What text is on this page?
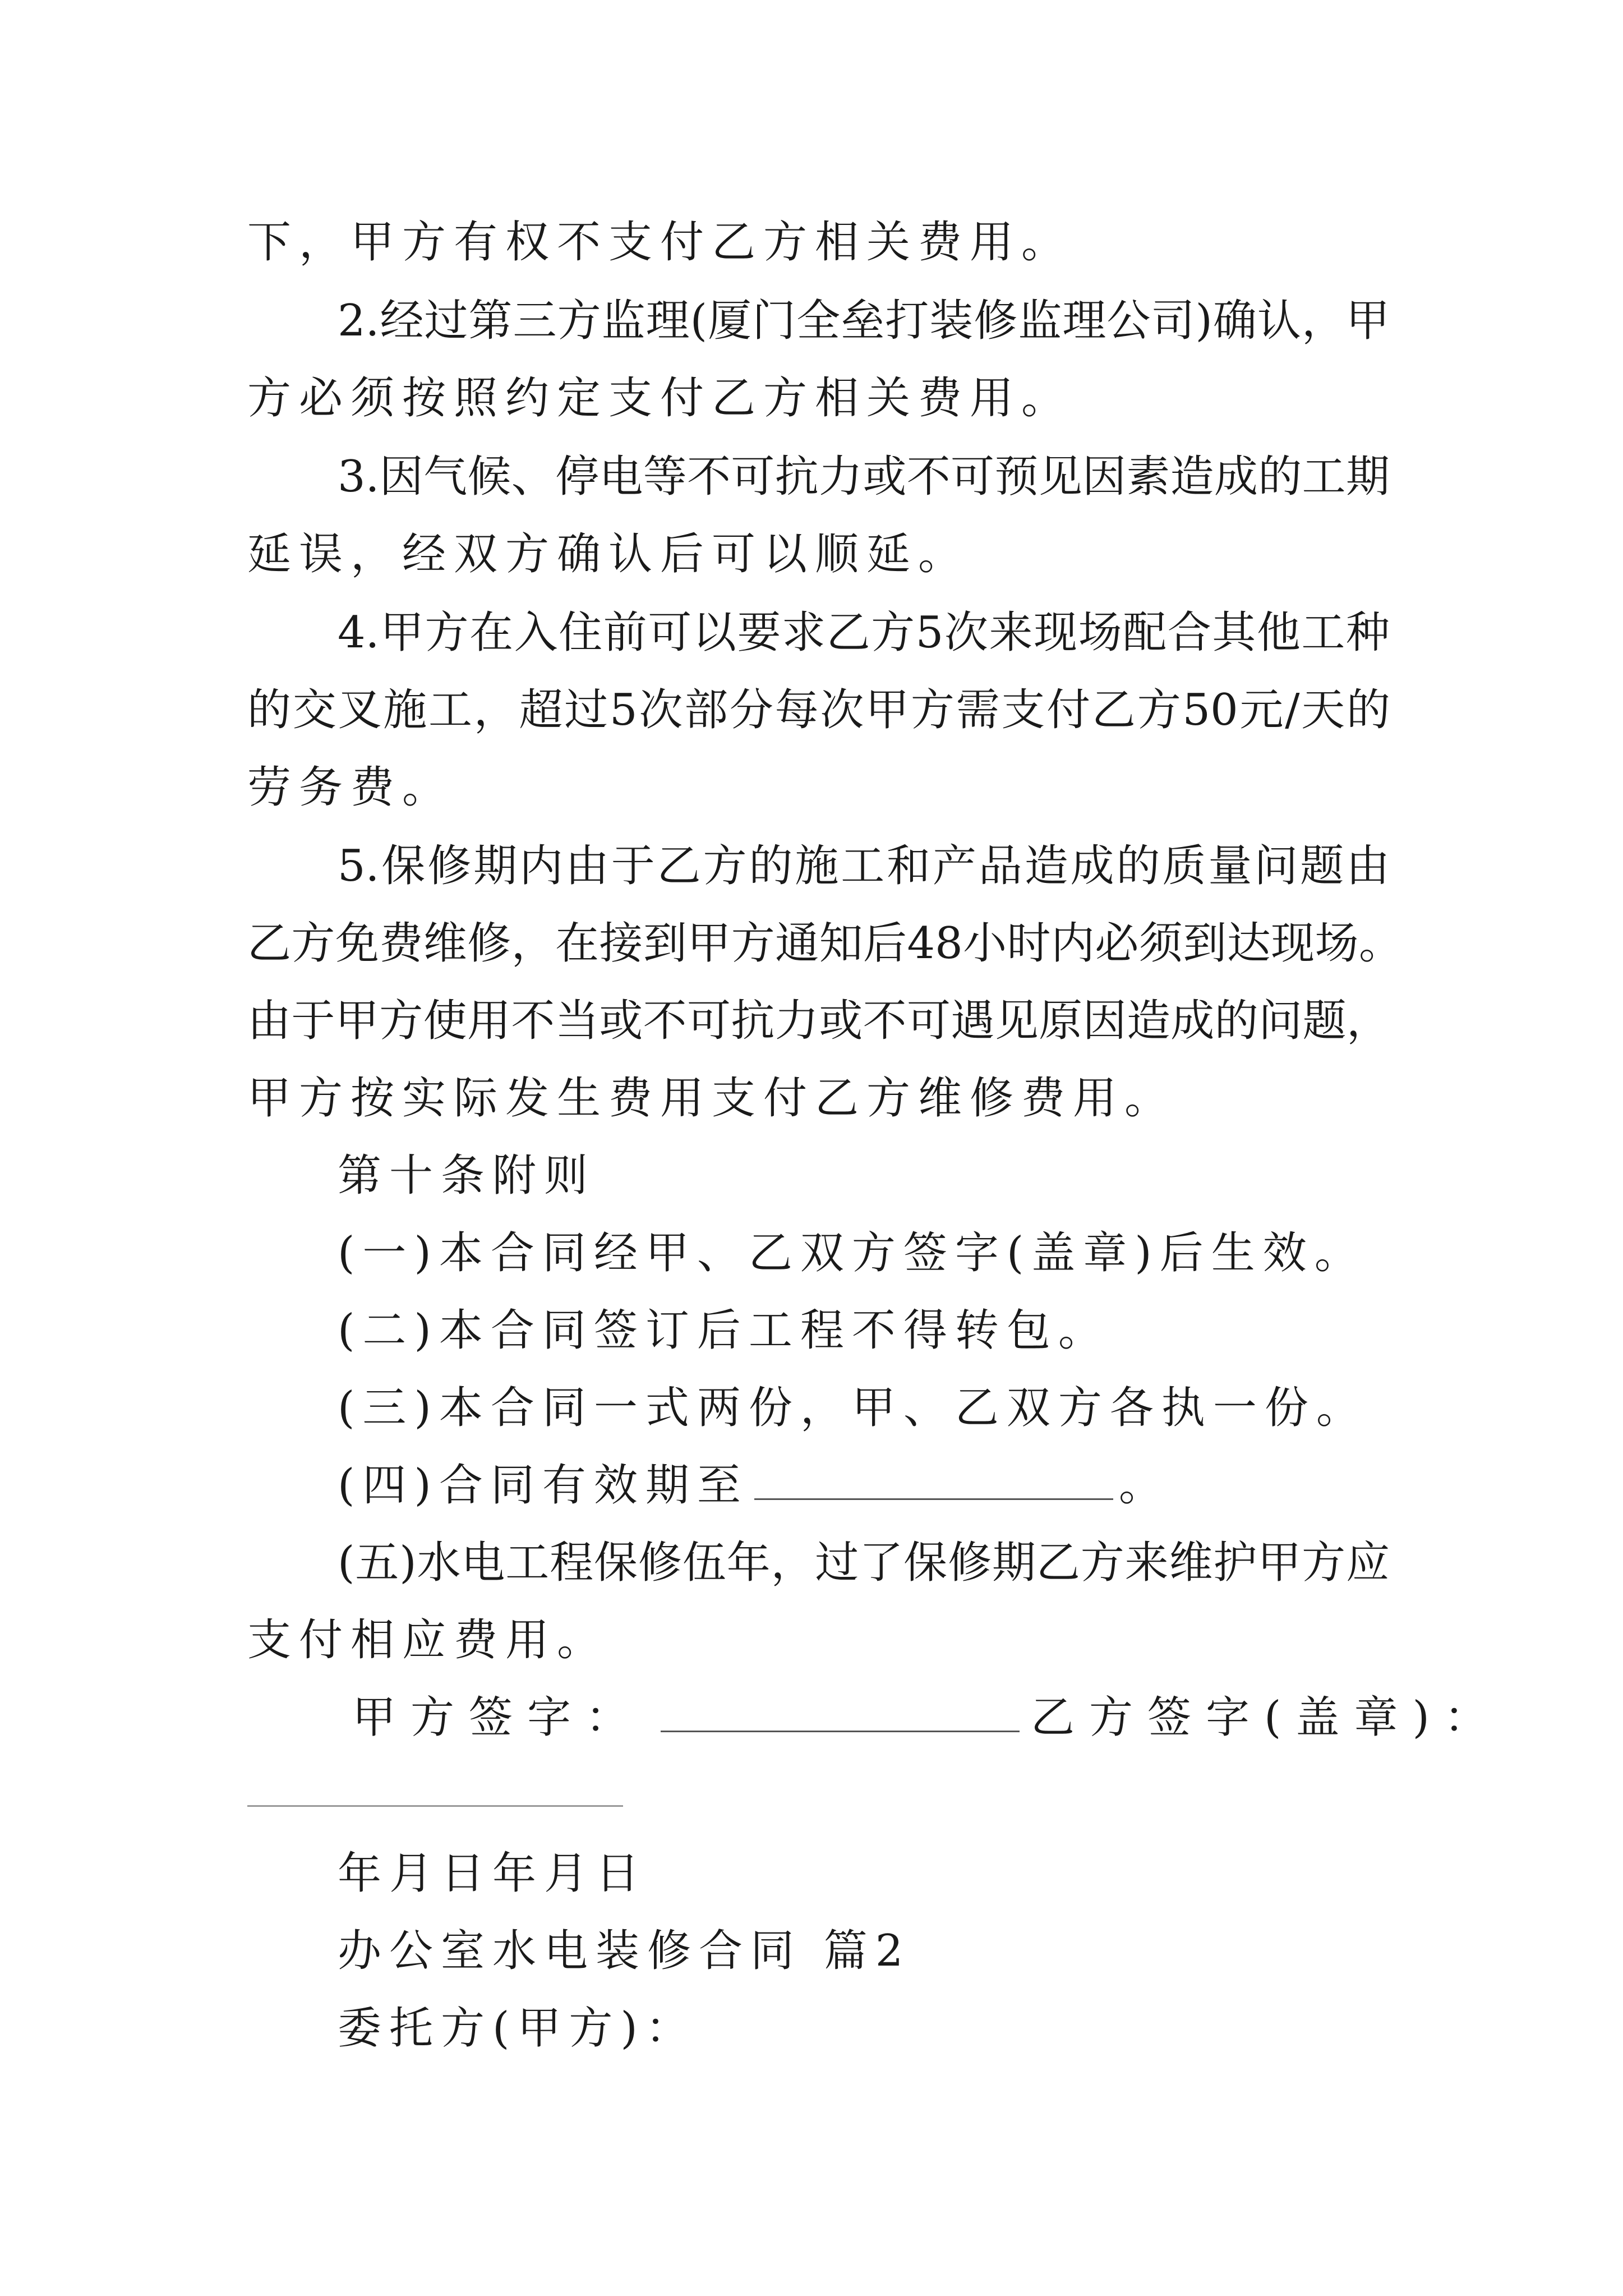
下，甲方有权不支付乙方相关费用。
2.经过第三方监理(厦门全垒打装修监理公司)确认，甲
方必须按照约定支付乙方相关费用。
3.因气候、停电等不可抗力或不可预见因素造成的工期
延误，经双方确认后可以顺延。
4.甲方在入住前可以要求乙方5次来现场配合其他工种
的交叉施工，超过5次部分每次甲方需支付乙方50元/天的
劳务费。
5.保修期内由于乙方的施工和产品造成的质量问题由
乙方免费维修，在接到甲方通知后48小时内必须到达现场。
由于甲方使用不当或不可抗力或不可遇见原因造成的问题，
甲方按实际发生费用支付乙方维修费用。
第十条附则
(一)本合同经甲、乙双方签字(盖章)后生效。
(二)本合同签订后工程不得转包。
(三)本合同一式两份，甲、乙双方各执一份。
(四)合同有效期至	。
(五)水电工程保修伍年，过了保修期乙方来维护甲方应
支付相应费用。
甲方签字：	乙方签字(盖章)：
年月日年月日
办公室水电装修合同 篇2
委托方(甲方)：
